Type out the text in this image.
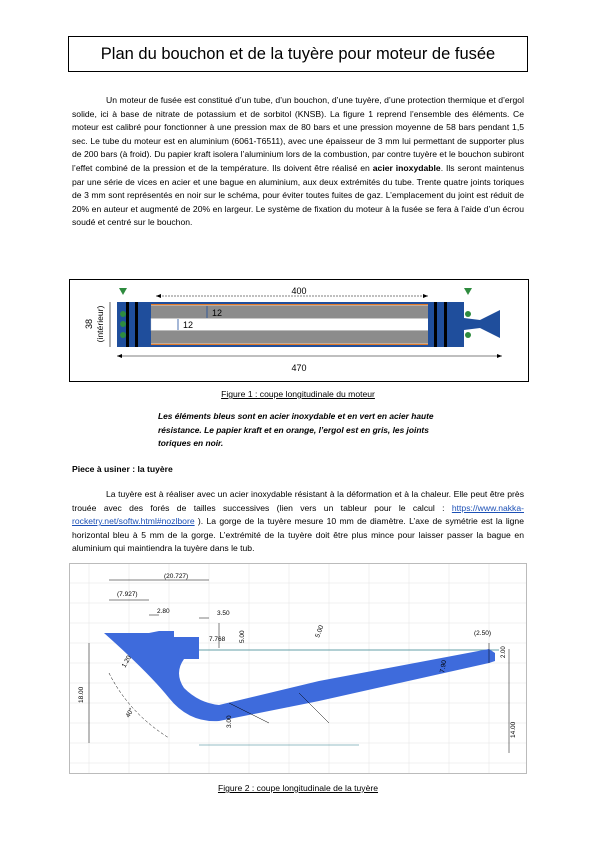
Plan du bouchon et de la tuyère pour moteur de fusée
Un moteur de fusée est constitué d’un tube, d’un bouchon, d’une tuyère, d’une protection thermique et d’ergol solide, ici à base de nitrate de potassium et de sorbitol (KNSB). La figure 1 reprend l’ensemble des éléments. Ce moteur est calibré pour fonctionner à une pression max de 80 bars et une pression moyenne de 58 bars pendant 1,5 sec. Le tube du moteur est en aluminium (6061-T6511), avec une épaisseur de 3 mm lui permettant de supporter plus de 200 bars (à froid). Du papier kraft isolera l’aluminium lors de la combustion, par contre tuyère et le bouchon subiront l’effet combiné de la pression et de la température. Ils doivent être réalisé en acier inoxydable. Ils seront maintenus par une série de vices en acier et une bague en aluminium, aux deux extrémités du tube. Trente quatre joints toriques de 3 mm sont représentés en noir sur le schéma, pour éviter toutes fuites de gaz. L’emplacement du joint est réduit de 20% en auteur et augmenté de 20% en largeur. Le système de fixation du moteur à la fusée se fera à l’aide d’un écrou soudé et centré sur le bouchon.
400
12
12
38 (intérieur)
470
Figure 1 : coupe longitudinale du moteur
Les éléments bleus sont en acier inoxydable et en vert en acier haute résistance. Le papier kraft et en orange, l’ergol est en gris, les joints toriques en noir.
Piece à usiner : la tuyère
La tuyère est à réaliser avec un acier inoxydable résistant à la déformation et à la chaleur. Elle peut être près trouée avec des forés de tailles successives (lien vers un tableur pour le calcul : https://www.nakka-rocketry.net/softw.html#nozlbore ). La gorge de la tuyère mesure 10 mm de diamètre. L’axe de symétrie est la ligne horizontal bleu à 5 mm de la gorge. L’extrémité de la tuyère doit être plus mince pour laisser passer la bague en aluminium qui maintiendra la tuyère dans le tub.
(20.727)
(7.927)
2.80	3.50
5.00
7.768
(2.50)
2.00
40°
1.20
3.00
5.00
7.90
14.00
18.00
Figure 2 : coupe longitudinale de la tuyère
